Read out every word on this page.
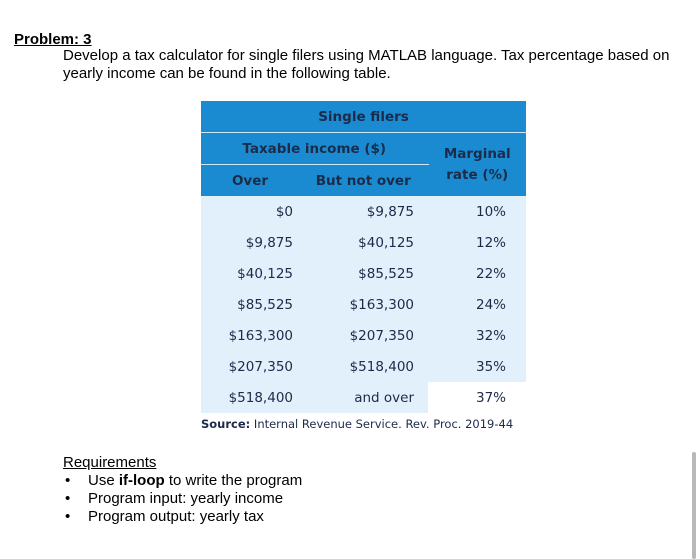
Problem: 3
Develop a tax calculator for single filers using MATLAB language. Tax percentage based on yearly income can be found in the following table.
Single filers		
Taxable income ($)		Marginal
rate (%)
Over	But not over	
$0	$9,875	10%
$9,875	$40,125	12%
$40,125	$85,525	22%
$85,525	$163,300	24%
$163,300	$207,350	32%
$207,350	$518,400	35%
$518,400	and over	37%
Source: Internal Revenue Service. Rev. Proc. 2019-44
Requirements
• Use if-loop to write the program
• Program input: yearly income
• Program output: yearly tax
